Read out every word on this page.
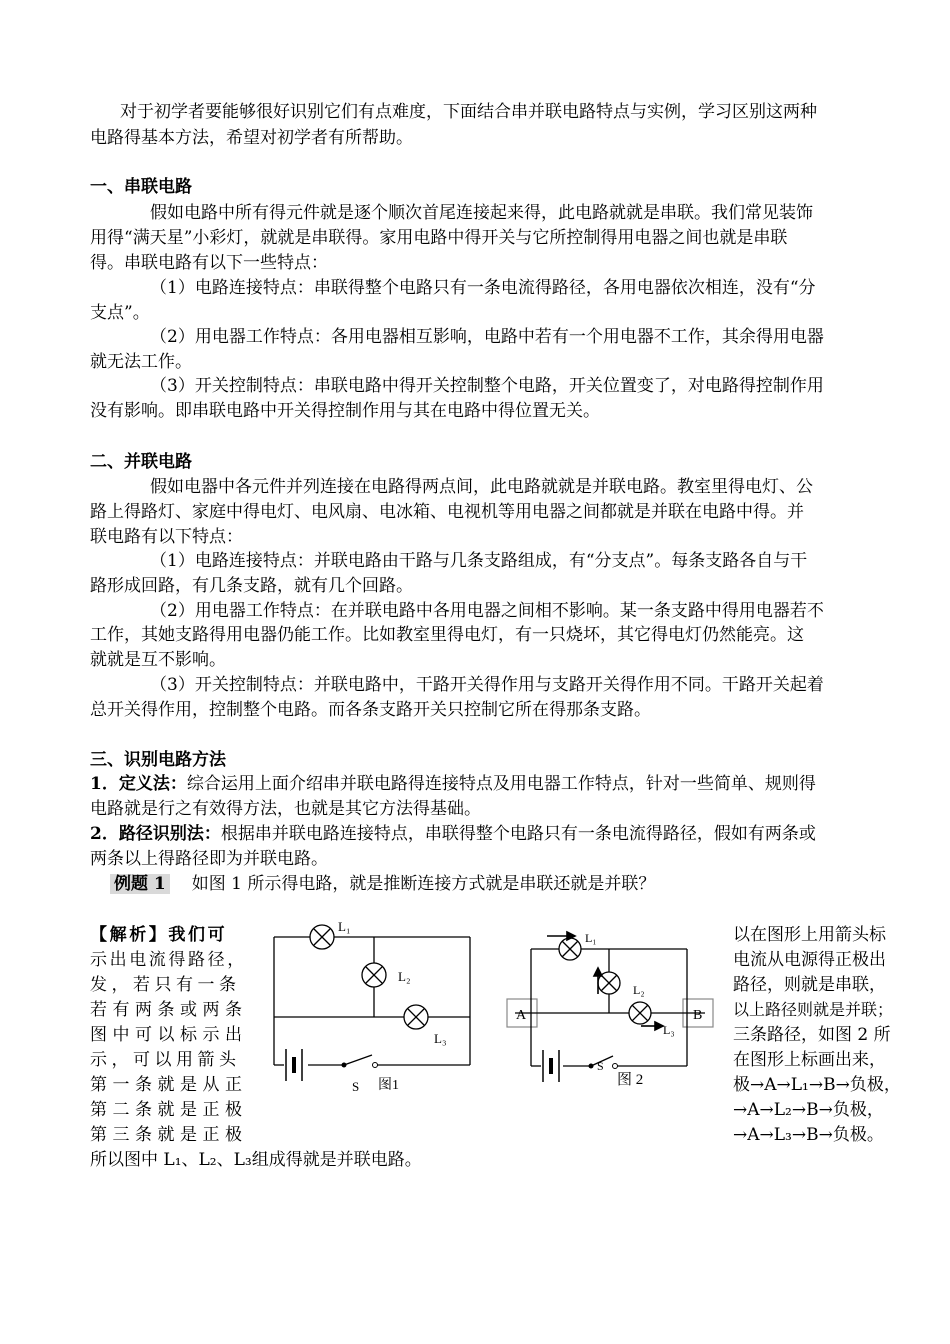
对于初学者要能够很好识别它们有点难度，下面结合串并联电路特点与实例，学习区别这两种
电路得基本方法，希望对初学者有所帮助。
一、串联电路
假如电路中所有得元件就是逐个顺次首尾连接起来得，此电路就就是串联。我们常见装饰
用得“满天星”小彩灯，就就是串联得。家用电路中得开关与它所控制得用电器之间也就是串联
得。串联电路有以下一些特点：
（1）电路连接特点：串联得整个电路只有一条电流得路径，各用电器依次相连，没有“分
支点”。
（2）用电器工作特点：各用电器相互影响，电路中若有一个用电器不工作，其余得用电器
就无法工作。
（3）开关控制特点：串联电路中得开关控制整个电路，开关位置变了，对电路得控制作用
没有影响。即串联电路中开关得控制作用与其在电路中得位置无关。
二、并联电路
假如电器中各元件并列连接在电路得两点间，此电路就就是并联电路。教室里得电灯、公
路上得路灯、家庭中得电灯、电风扇、电冰箱、电视机等用电器之间都就是并联在电路中得。并
联电路有以下特点：
（1）电路连接特点：并联电路由干路与几条支路组成，有“分支点”。每条支路各自与干
路形成回路，有几条支路，就有几个回路。
（2）用电器工作特点：在并联电路中各用电器之间相不影响。某一条支路中得用电器若不
工作，其她支路得用电器仍能工作。比如教室里得电灯，有一只烧坏，其它得电灯仍然能亮。这
就就是互不影响。
（3）开关控制特点：并联电路中，干路开关得作用与支路开关得作用不同。干路开关起着
总开关得作用，控制整个电路。而各条支路开关只控制它所在得那条支路。
三、识别电路方法
1．定义法：综合运用上面介绍串并联电路得连接特点及用电器工作特点，针对一些简单、规则得
电路就是行之有效得方法，也就是其它方法得基础。
2．路径识别法：根据串并联电路连接特点，串联得整个电路只有一条电流得路径，假如有两条或
两条以上得路径即为并联电路。
例题 1 如图 1 所示得电路，就是推断连接方式就是串联还就是并联？
【解析】我们可
示出电流得路径，
发，若只有一条
若有两条或两条
图中可以标示出
示，可以用箭头
第一条就是从正
第二条就是正极
第三条就是正极
以在图形上用箭头标
电流从电源得正极出
路径，则就是串联，
以上路径则就是并联；
三条路径，如图 2 所
在图形上标画出来，
极→A→L₁→B→负极，
→A→L₂→B→负极，
→A→L₃→B→负极。
所以图中 L₁、L₂、L₃组成得就是并联电路。
L₁
L₂
L₃
S 图1
L₁
L₂
L₃
A	B
S
图 2
